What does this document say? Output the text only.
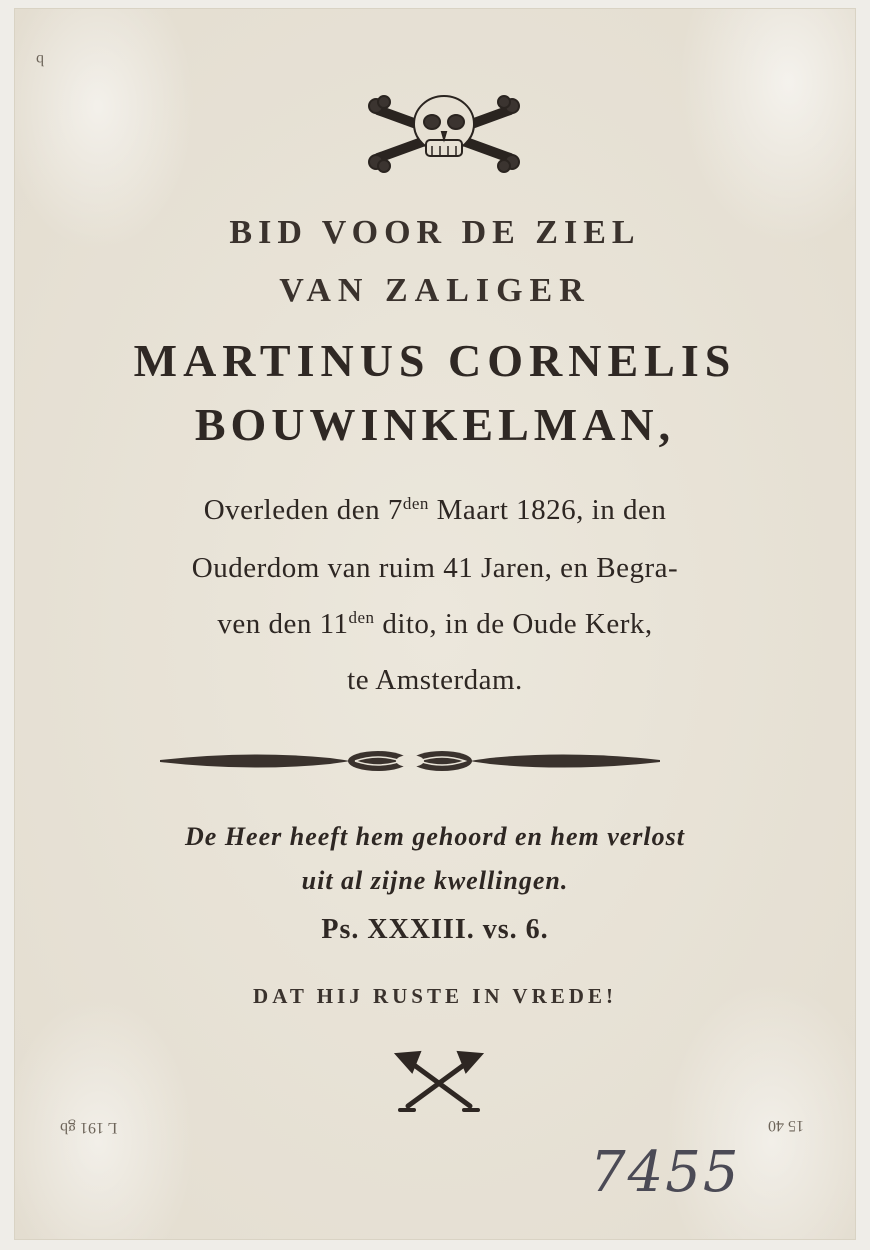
BID VOOR DE ZIEL
VAN ZALIGER
MARTINUS CORNELIS
BOUWINKELMAN,
Overleden den $7^{den}$ Maart 1826, in den
Ouderdom van ruim 41 Jaren, en Begra-
ven den $11^{den}$ dito, in de Oude Kerk,
te Amsterdam.
De Heer heeft hem gehoord en hem verlost
uit al zijne kwellingen.
Ps. XXXIII. vs. 6.
DAT HIJ RUSTE IN VREDE!
7455
b
L 191 gb	15 40
